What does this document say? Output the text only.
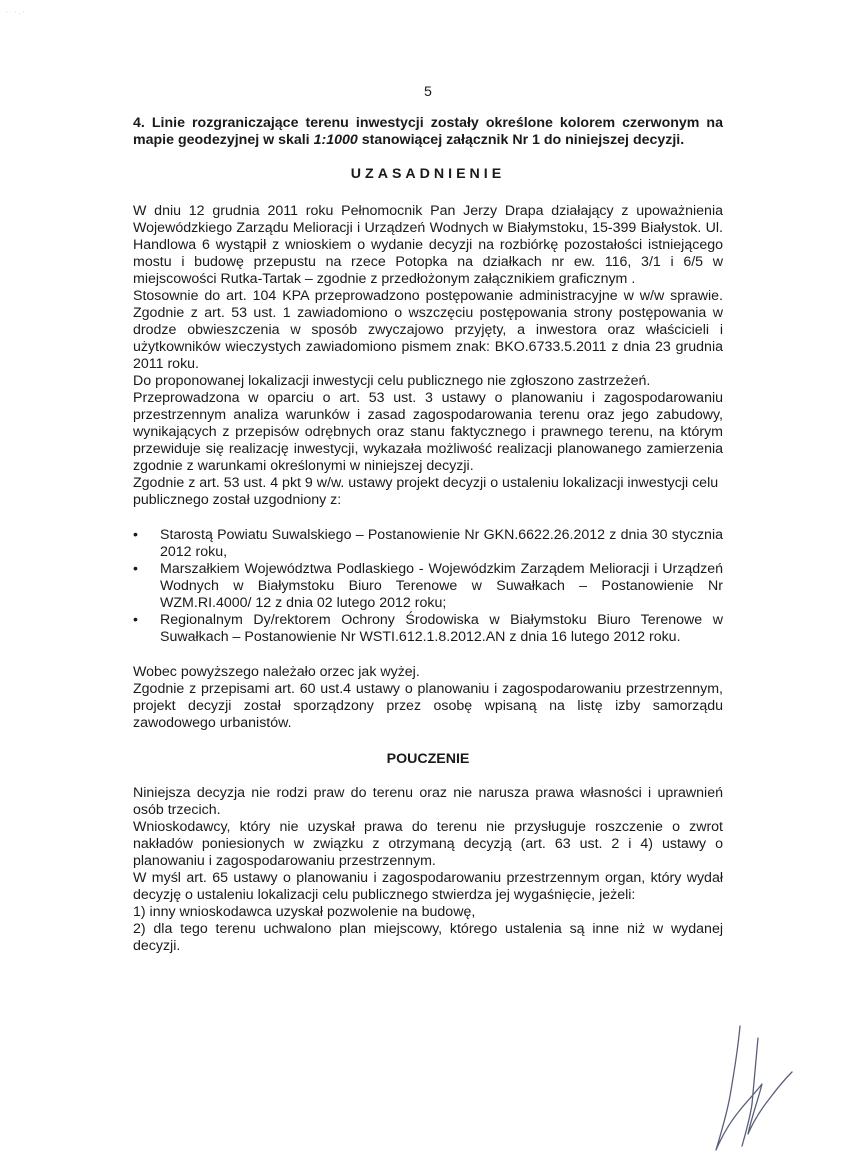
· ·.·

5

4. Linie rozgraniczające terenu inwestycji zostały określone kolorem czerwonym na mapie geodezyjnej w skali 1:1000 stanowiącej załącznik Nr 1 do niniejszej decyzji.

UZASADNIENIE

W dniu 12 grudnia 2011 roku Pełnomocnik Pan Jerzy Drapa działający z upoważnienia Wojewódzkiego Zarządu Melioracji i Urządzeń Wodnych w Białymstoku, 15-399 Białystok. Ul. Handlowa 6 wystąpił z wnioskiem o wydanie decyzji na rozbiórkę pozostałości istniejącego mostu i budowę przepustu na rzece Potopka na działkach nr ew. 116, 3/1 i 6/5 w miejscowości Rutka-Tartak – zgodnie z przedłożonym załącznikiem graficznym .

Stosownie do art. 104 KPA przeprowadzono postępowanie administracyjne w w/w sprawie. Zgodnie z art. 53 ust. 1 zawiadomiono o wszczęciu postępowania strony postępowania w drodze obwieszczenia w sposób zwyczajowo przyjęty, a inwestora oraz właścicieli i użytkowników wieczystych zawiadomiono pismem znak: BKO.6733.5.2011 z dnia 23 grudnia 2011 roku.

Do proponowanej lokalizacji inwestycji celu publicznego nie zgłoszono zastrzeżeń.

Przeprowadzona w oparciu o art. 53 ust. 3 ustawy o planowaniu i zagospodarowaniu przestrzennym analiza warunków i zasad zagospodarowania terenu oraz jego zabudowy, wynikających z przepisów odrębnych oraz stanu faktycznego i prawnego terenu, na którym przewiduje się realizację inwestycji, wykazała możliwość realizacji planowanego zamierzenia zgodnie z warunkami określonymi w niniejszej decyzji.

Zgodnie z art. 53 ust. 4 pkt 9 w/w. ustawy projekt decyzji o ustaleniu lokalizacji inwestycji celu

publicznego został uzgodniony z:

• Starostą Powiatu Suwalskiego – Postanowienie Nr GKN.6622.26.2012 z dnia 30 stycznia 2012 roku,
• Marszałkiem Województwa Podlaskiego - Wojewódzkim Zarządem Melioracji i Urządzeń Wodnych w Białymstoku Biuro Terenowe w Suwałkach – Postanowienie Nr WZM.RI.4000/ 12 z dnia 02 lutego 2012 roku;
• Regionalnym Dy/rektorem Ochrony Środowiska w Białymstoku Biuro Terenowe w Suwałkach – Postanowienie Nr WSTI.612.1.8.2012.AN z dnia 16 lutego 2012 roku.

Wobec powyższego należało orzec jak wyżej.

Zgodnie z przepisami art. 60 ust.4 ustawy o planowaniu i zagospodarowaniu przestrzennym, projekt decyzji został sporządzony przez osobę wpisaną na listę izby samorządu zawodowego urbanistów.

POUCZENIE

Niniejsza decyzja nie rodzi praw do terenu oraz nie narusza prawa własności i uprawnień osób trzecich.

Wnioskodawcy, który nie uzyskał prawa do terenu nie przysługuje roszczenie o zwrot nakładów poniesionych w związku z otrzymaną decyzją (art. 63 ust. 2 i 4) ustawy o planowaniu i zagospodarowaniu przestrzennym.

W myśl art. 65 ustawy o planowaniu i zagospodarowaniu przestrzennym organ, który wydał decyzję o ustaleniu lokalizacji celu publicznego stwierdza jej wygaśnięcie, jeżeli:

1) inny wnioskodawca uzyskał pozwolenie na budowę,

2) dla tego terenu uchwalono plan miejscowy, którego ustalenia są inne niż w wydanej decyzji.
